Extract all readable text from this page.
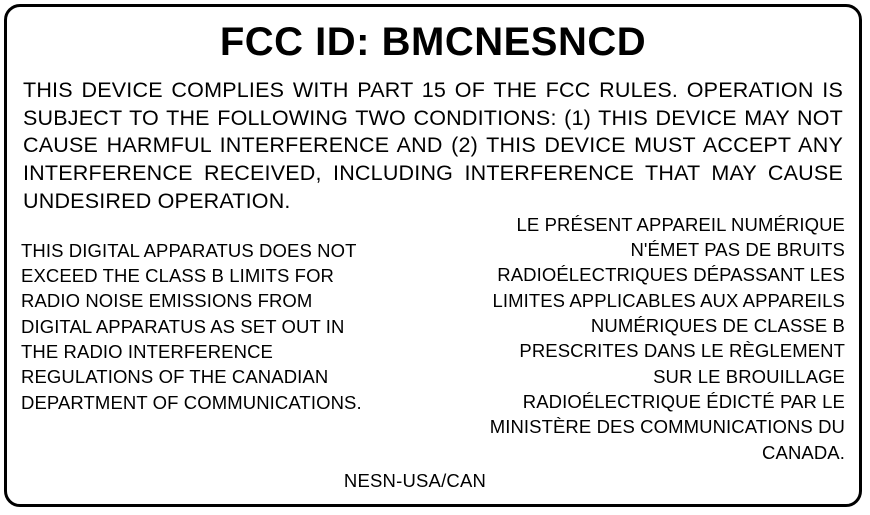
FCC ID: BMCNESNCD
THIS DEVICE COMPLIES WITH PART 15 OF THE FCC RULES. OPERATION IS SUBJECT TO THE FOLLOWING TWO CONDITIONS: (1) THIS DEVICE MAY NOT CAUSE HARMFUL INTERFERENCE AND (2) THIS DEVICE MUST ACCEPT ANY INTERFERENCE RECEIVED, INCLUDING INTERFERENCE THAT MAY CAUSE UNDESIRED OPERATION.

THIS DIGITAL APPARATUS DOES NOT EXCEED THE CLASS B LIMITS FOR RADIO NOISE EMISSIONS FROM DIGITAL APPARATUS AS SET OUT IN THE RADIO INTERFERENCE REGULATIONS OF THE CANADIAN DEPARTMENT OF COMMUNICATIONS.

LE PRÉSENT APPAREIL NUMÉRIQUE N'ÉMET PAS DE BRUITS RADIOÉLECTRIQUES DÉPASSANT LES LIMITES APPLICABLES AUX APPAREILS NUMÉRIQUES DE CLASSE B PRESCRITES DANS LE RÈGLEMENT SUR LE BROUILLAGE RADIOÉLECTRIQUE ÉDICTÉ PAR LE MINISTÈRE DES COMMUNICATIONS DU CANADA.

NESN-USA/CAN
